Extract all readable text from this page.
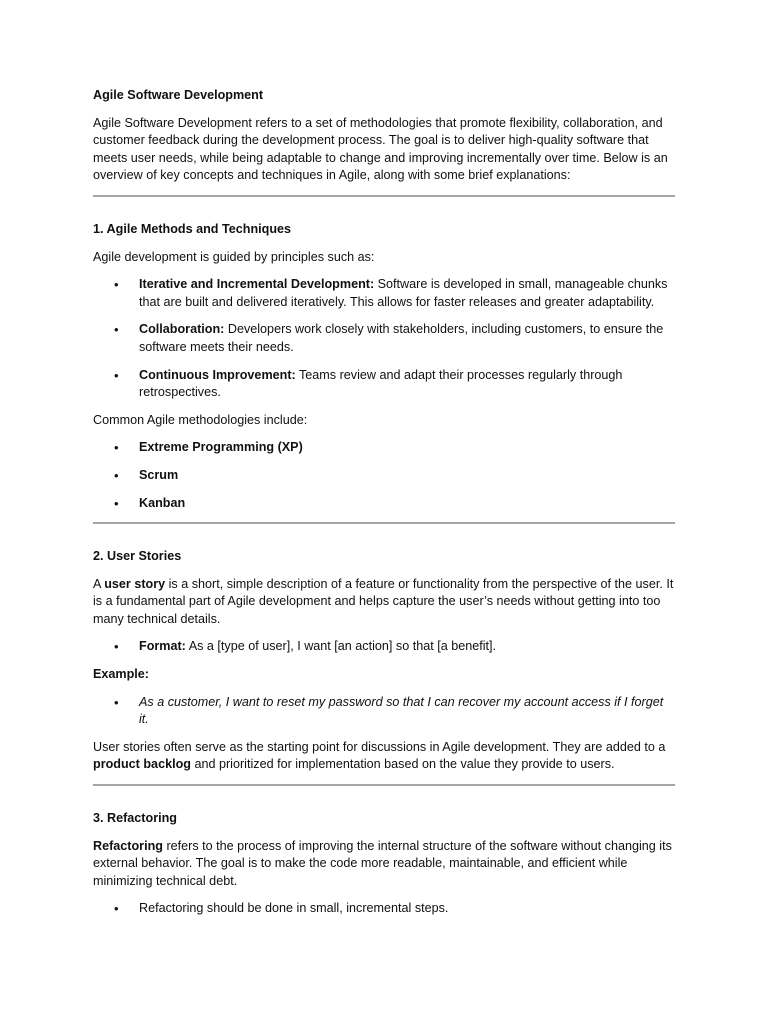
Agile Software Development

Agile Software Development refers to a set of methodologies that promote flexibility, collaboration, and customer feedback during the development process. The goal is to deliver high-quality software that meets user needs, while being adaptable to change and improving incrementally over time. Below is an overview of key concepts and techniques in Agile, along with some brief explanations:

1. Agile Methods and Techniques

Agile development is guided by principles such as:

• Iterative and Incremental Development: Software is developed in small, manageable chunks that are built and delivered iteratively. This allows for faster releases and greater adaptability.
• Collaboration: Developers work closely with stakeholders, including customers, to ensure the software meets their needs.
• Continuous Improvement: Teams review and adapt their processes regularly through retrospectives.

Common Agile methodologies include:

• Extreme Programming (XP)
• Scrum
• Kanban
2. User Stories

A user story is a short, simple description of a feature or functionality from the perspective of the user. It is a fundamental part of Agile development and helps capture the user’s needs without getting into too many technical details.

• Format: As a [type of user], I want [an action] so that [a benefit].

Example:

• As a customer, I want to reset my password so that I can recover my account access if I forget it.

User stories often serve as the starting point for discussions in Agile development. They are added to a product backlog and prioritized for implementation based on the value they provide to users.

3. Refactoring

Refactoring refers to the process of improving the internal structure of the software without changing its external behavior. The goal is to make the code more readable, maintainable, and efficient while minimizing technical debt.

• Refactoring should be done in small, incremental steps.
